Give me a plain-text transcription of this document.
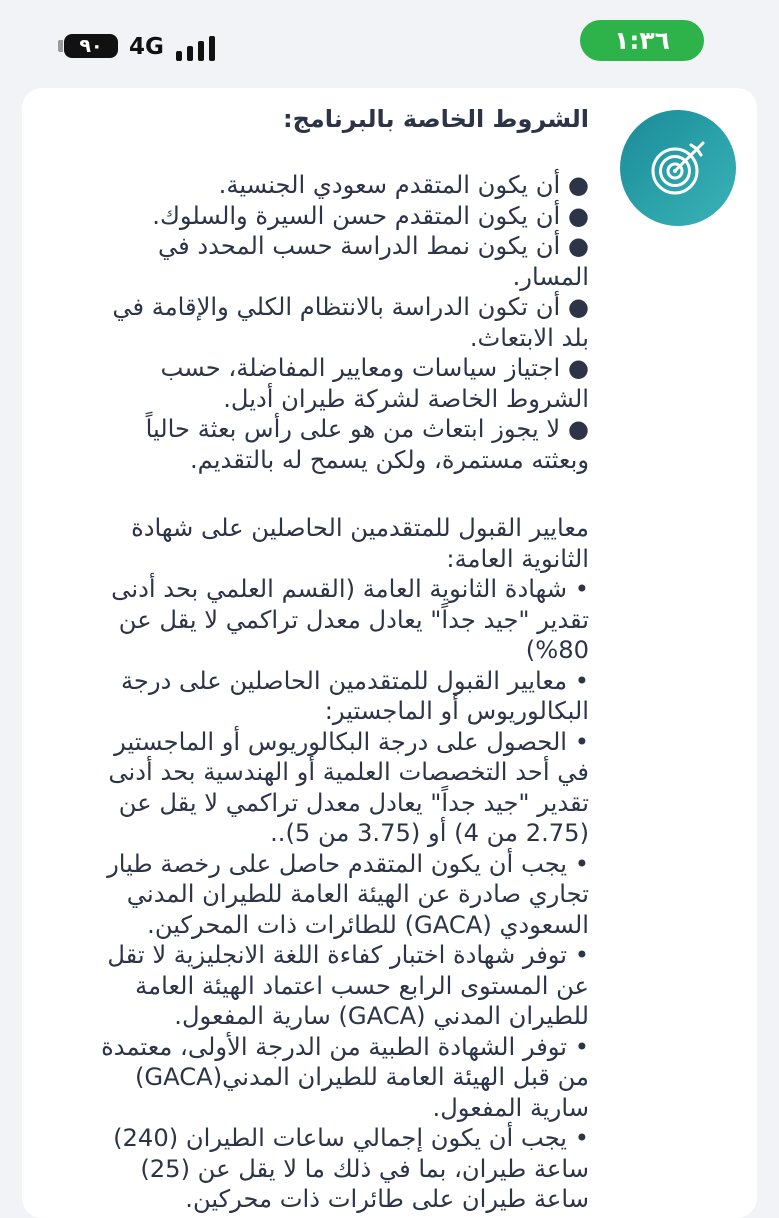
٩٠ 4G	١:٣٦

الشروط الخاصة بالبرنامج:

● أن يكون المتقدم سعودي الجنسية.

● أن يكون المتقدم حسن السيرة والسلوك.

● أن يكون نمط الدراسة حسب المحدد في المسار.

● أن تكون الدراسة بالانتظام الكلي والإقامة في بلد الابتعاث.

● اجتياز سياسات ومعايير المفاضلة، حسب الشروط الخاصة لشركة طيران أديل.

● لا يجوز ابتعاث من هو على رأس بعثة حالياً وبعثته مستمرة، ولكن يسمح له بالتقديم.

معايير القبول للمتقدمين الحاصلين على شهادة الثانوية العامة:

• شهادة الثانوية العامة (القسم العلمي بحد أدنى تقدير "جيد جداً" يعادل معدل تراكمي لا يقل عن 80%)

• معايير القبول للمتقدمين الحاصلين على درجة البكالوريوس أو الماجستير:

• الحصول على درجة البكالوريوس أو الماجستير في أحد التخصصات العلمية أو الهندسية بحد أدنى تقدير "جيد جداً" يعادل معدل تراكمي لا يقل عن (2.75 من 4) أو (3.75 من 5)..

• يجب أن يكون المتقدم حاصل على رخصة طيار تجاري صادرة عن الهيئة العامة للطيران المدني السعودي (GACA) للطائرات ذات المحركين.

• توفر شهادة اختبار كفاءة اللغة الانجليزية لا تقل عن المستوى الرابع حسب اعتماد الهيئة العامة للطيران المدني (GACA) سارية المفعول.

• توفر الشهادة الطبية من الدرجة الأولى، معتمدة من قبل الهيئة العامة للطيران المدني(GACA) سارية المفعول.

• يجب أن يكون إجمالي ساعات الطيران (240) ساعة طيران، بما في ذلك ما لا يقل عن (25) ساعة طيران على طائرات ذات محركين.
